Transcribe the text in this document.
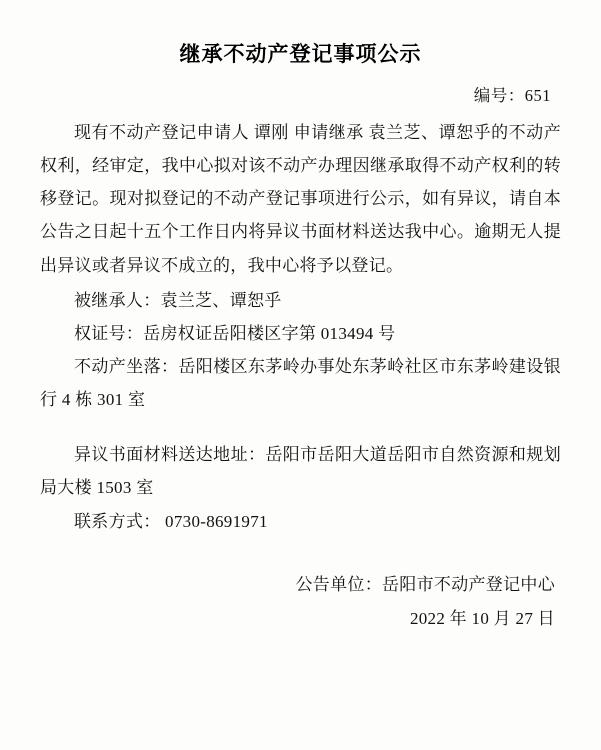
继承不动产登记事项公示
编号：651

现有不动产登记申请人 谭刚 申请继承 袁兰芝、谭恕乎的不动产权利，经审定，我中心拟对该不动产办理因继承取得不动产权利的转移登记。现对拟登记的不动产登记事项进行公示，如有异议，请自本公告之日起十五个工作日内将异议书面材料送达我中心。逾期无人提出异议或者异议不成立的，我中心将予以登记。

被继承人：袁兰芝、谭恕乎

权证号：岳房权证岳阳楼区字第 013494 号

不动产坐落：岳阳楼区东茅岭办事处东茅岭社区市东茅岭建设银行 4 栋 301 室

异议书面材料送达地址：岳阳市岳阳大道岳阳市自然资源和规划局大楼 1503 室

联系方式： 0730-8691971

公告单位：岳阳市不动产登记中心
2022 年 10 月 27 日
